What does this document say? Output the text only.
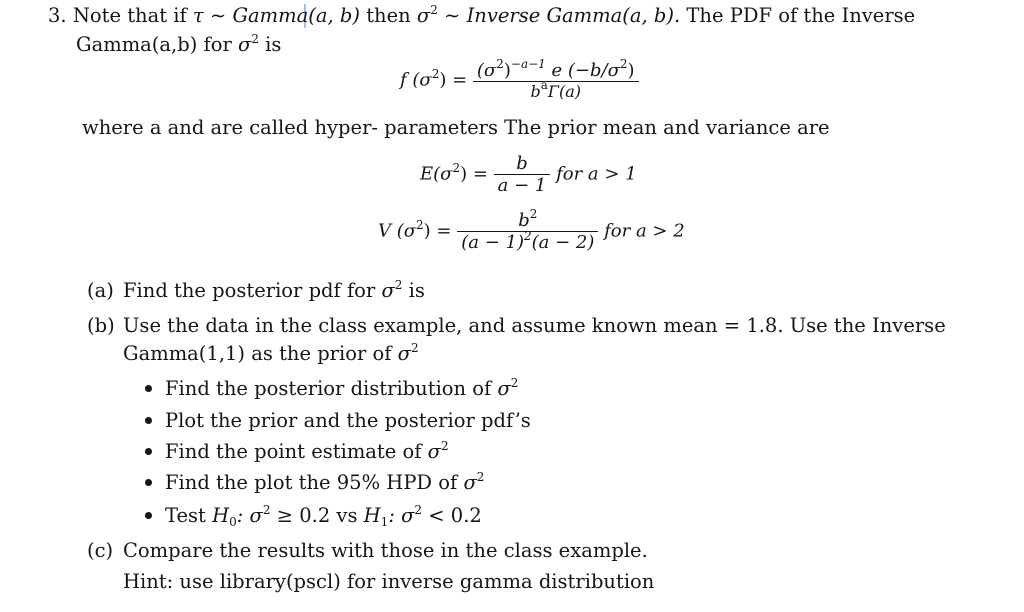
3. Note that if τ ∼ Gamma(a, b) then $\sigma^2$ ∼ Inverse Gamma(a, b). The PDF of the Inverse
Gamma(a,b) for $\sigma^2$ is
f $(\sigma^2) = \frac{(\sigma^2)^{-a-1} e (-b/\sigma^2)}{b^a\Gamma(a)}$
where a and are called hyper- parameters The prior mean and variance are
$E(\sigma^2) = \frac{b}{a - 1}$ for a > 1
V $(\sigma^2) = \frac{b^2}{(a - 1)^2(a - 2)}$ for a > 2
(a) Find the posterior pdf for $\sigma^2$ is
(b) Use the data in the class example, and assume known mean = 1.8. Use the Inverse
Gamma(1,1) as the prior of $\sigma^2$
Find the posterior distribution of $\sigma^2$
Plot the prior and the posterior pdf’s
Find the point estimate of $\sigma^2$
Find the plot the 95% HPD of $\sigma^2$
Test $H_0$: $\sigma^2 \ge 0.2$ vs $H_1$: $\sigma^2 < 0.2$
(c) Compare the results with those in the class example.
Hint: use library(pscl) for inverse gamma distribution
